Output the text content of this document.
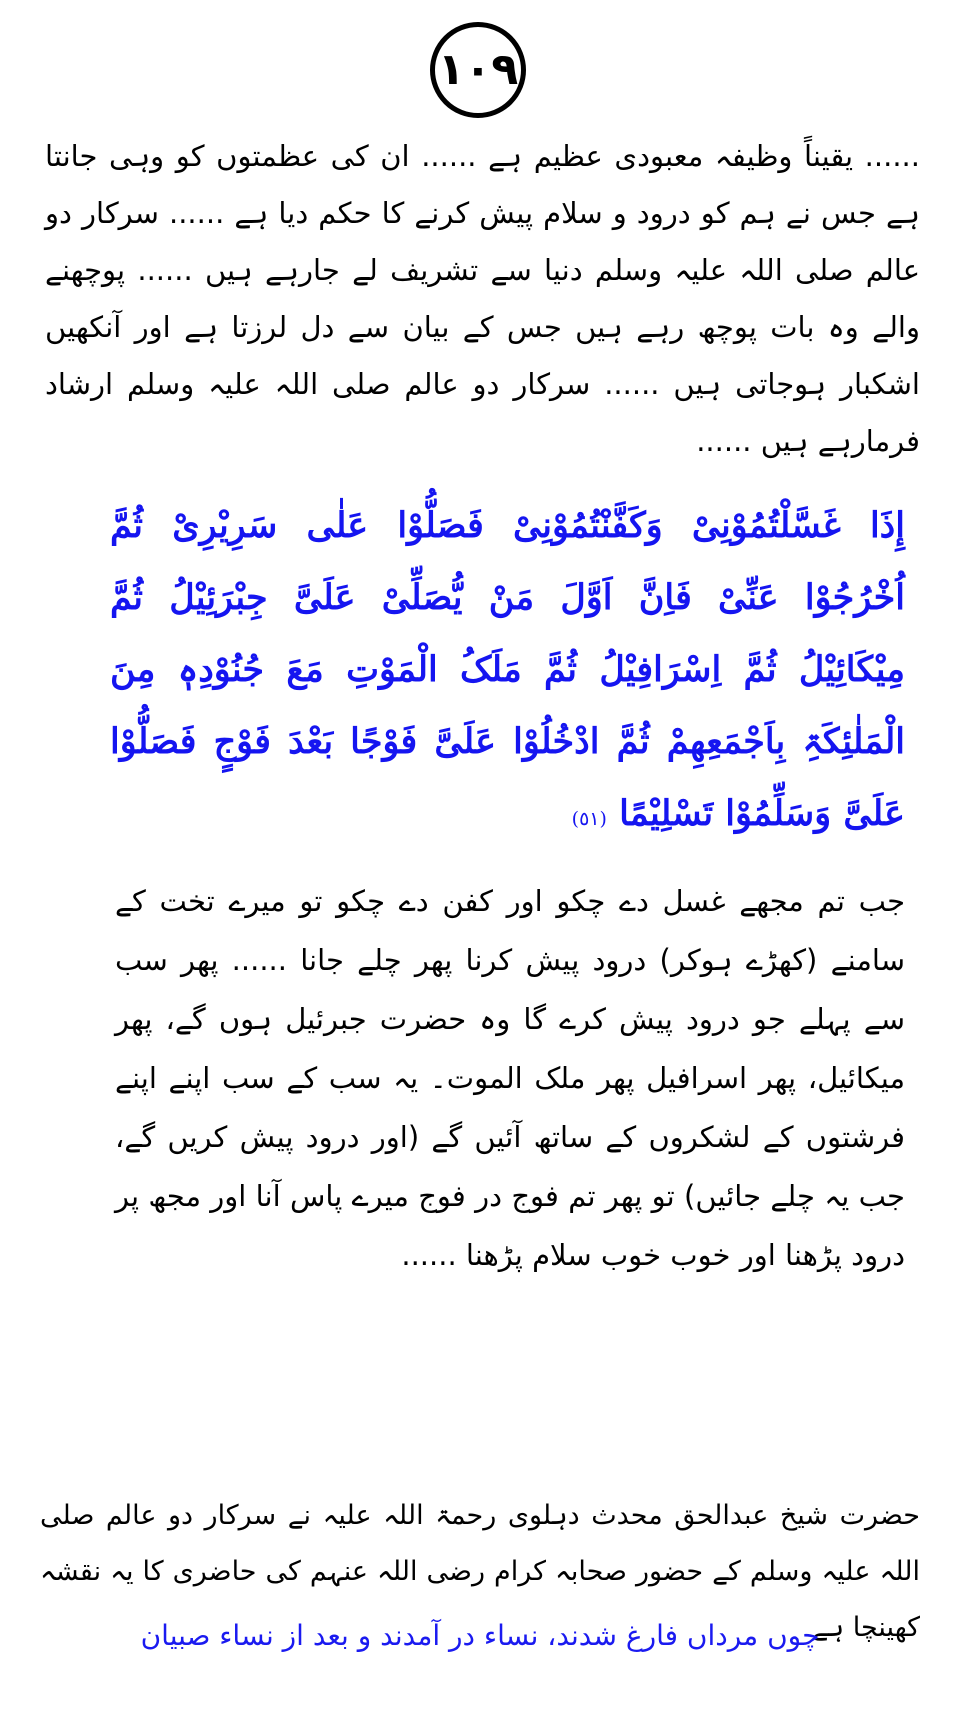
١٠٩

...... یقیناً وظیفہ معبودی عظیم ہے ...... ان کی عظمتوں کو وہی جانتا ہے جس نے ہم کو درود و سلام پیش کرنے کا حکم دیا ہے ...... سرکار دو عالم صلی اللہ علیہ وسلم دنیا سے تشریف لے جارہے ہیں ...... پوچھنے والے وہ بات پوچھ رہے ہیں جس کے بیان سے دل لرزتا ہے اور آنکھیں اشکبار ہوجاتی ہیں ...... سرکار دو عالم صلی اللہ علیہ وسلم ارشاد فرمارہے ہیں ......

إِذَا غَسَّلْتُمُوْنِیْ وَکَفَّنْتُمُوْنِیْ فَصَلُّوْا عَلٰی سَرِیْرِیْ ثُمَّ اُخْرُجُوْا عَنِّیْ فَاِنَّ اَوَّلَ مَنْ یُّصَلِّیْ عَلَیَّ جِبْرَئِیْلُ ثُمَّ مِیْکَائِیْلُ ثُمَّ اِسْرَافِیْلُ ثُمَّ مَلَکُ الْمَوْتِ مَعَ جُنُوْدِہٖ مِنَ الْمَلٰئِکَۃِ بِاَجْمَعِھِمْ ثُمَّ ادْخُلُوْا عَلَیَّ فَوْجًا بَعْدَ فَوْجٍ فَصَلُّوْا عَلَیَّ وَسَلِّمُوْا تَسْلِیْمًا (٥١)

جب تم مجھے غسل دے چکو اور کفن دے چکو تو میرے تخت کے سامنے (کھڑے ہوکر) درود پیش کرنا پھر چلے جانا ...... پھر سب سے پہلے جو درود پیش کرے گا وہ حضرت جبرئیل ہوں گے، پھر میکائیل، پھر اسرافیل پھر ملک الموت۔ یہ سب کے سب اپنے اپنے فرشتوں کے لشکروں کے ساتھ آئیں گے (اور درود پیش کریں گے، جب یہ چلے جائیں) تو پھر تم فوج در فوج میرے پاس آنا اور مجھ پر درود پڑھنا اور خوب خوب سلام پڑھنا ......

حضرت شیخ عبدالحق محدث دہلوی رحمۃ اللہ علیہ نے سرکار دو عالم صلی اللہ علیہ وسلم کے حضور صحابہ کرام رضی اللہ عنہم کی حاضری کا یہ نقشہ کھینچا ہے

چوں مرداں فارغ شدند، نساء در آمدند و بعد از نساء صبیان
